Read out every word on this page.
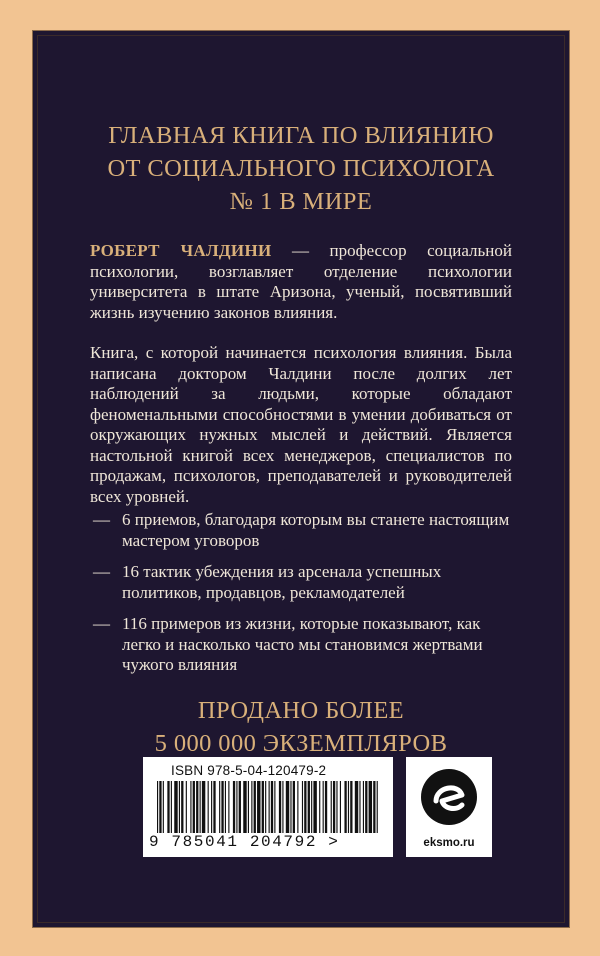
ГЛАВНАЯ КНИГА ПО ВЛИЯНИЮ
ОТ СОЦИАЛЬНОГО ПСИХОЛОГА
№ 1 В МИРЕ

РОБЕРТ ЧАЛДИНИ — профессор социальной психологии, возглавляет отделение психологии университета в штате Аризона, ученый, посвятивший жизнь изучению законов влияния.

Книга, с которой начинается психология влияния. Была написана доктором Чалдини после долгих лет наблюдений за людьми, которые обладают феноменальными способностями в умении добиваться от окружающих нужных мыслей и действий. Является настольной книгой всех менеджеров, специалистов по продажам, психологов, преподавателей и руководителей всех уровней.

— 6 приемов, благодаря которым вы станете настоящим мастером уговоров
— 16 тактик убеждения из арсенала успешных политиков, продавцов, рекламодателей
— 116 примеров из жизни, которые показывают, как легко и насколько часто мы становимся жертвами чужого влияния
ПРОДАНО БОЛЕЕ
5 000 000 ЭКЗЕМПЛЯРОВ
ISBN 978-5-04-120479-2
9 785041 204792 >	eksmo.ru
